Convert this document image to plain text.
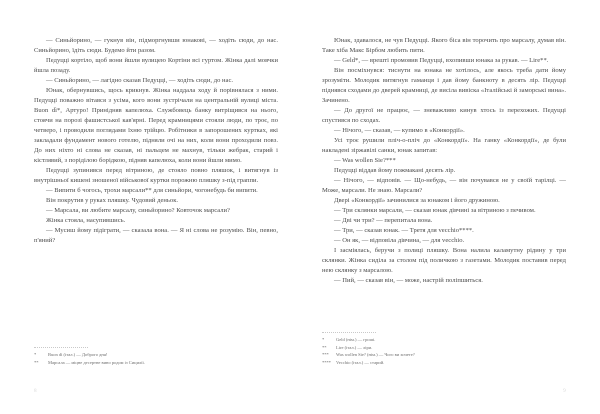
— Синьйорино, — гукнув він, підморгнувши юнакові, — ходіть сюди, до нас. Синьйорино, їдіть сюди. Будемо йти разом.

Педуцці кортіло, щоб вони йшли вулицею Кортіни всі гуртом. Жінка далі мовчки йшла позаду.

— Синьйорино, — лагідно сказав Педуцці, — ходіть сюди, до нас.

Юнак, обернувшись, щось крикнув. Жінка наддала ходу й порівнялася з ними. Педуцці поважно вітався з усіма, кого вони зустрічали на центральній вулиці міста. Buon dì*, Артуро! Принідняв капелюха. Службовець банку витріщився на нього, стоячи на порозі фашистської кав'ярні. Перед крамницями стояли люди, по троє, по четверо, і проводили поглядами їхню трійцю. Робітники в запорошених куртках, які закладали фундамент нового готелю, підняли очі на них, коли вони проходили повз. До них ніхто ні слова не сказав, ні пальцем не махнув, тільки жебрак, старий і кістлявий, з поріділою борідкою, підняв капелюха, коли вони йшли мимо.

Педуцці зупинився перед вітриною, де стояло повно пляшок, і витягнув із внутрішньої кишені зношеної військової куртки порожню пляшку з-під граппи.

— Випити б чогось, трохи марсали** для синьйори, чогонебудь би випити.

Він покрутив у руках пляшку. Чудовий деньок.

— Марсала, ви любите марсалу, синьйорино? Ковточок марсали?

Жінка стояла, насупившись.

— Мусиш йому підіграти, — сказала вона. — Я ні слова не розумію. Він, певно, п'яний?

*	Buon dì (італ.) — Доброго дня!
**	Марсала — міцне десертне вино родом із Сицилії.
8

Юнак, здавалося, не чув Педуцці. Якого біса він торочить про марсалу, думав він. Таке хіба Макс Бірбом любить пити.

— Geld*, — врешті промовив Педуцці, вхопивши юнака за рукав. — Lire**.

Він посміхнувся: тиснути на юнака не хотілось, але якось треба дати йому зрозуміти. Молодик витягнув гаманця і дав йому банкноту в десять лір. Педуцці піднявся сходами до дверей крамниці, де висіла вивіска «Італійські й заморські вина». Зачинено.

— До другої не працює, — зневажливо кинув хтось із перехожих. Педуцці спустився по сходах.

— Нічого, — сказав, — купимо в «Конкордії».

Усі троє рушили пліч-о-пліч до «Конкордії». На ганку «Конкордії», де були накладені зіржавілі санки, юнак запитав:

— Was wollen Sie?***

Педуцці віддав йому пожмакані десять лір.

— Нічого, — відповів. — Що-небудь, — він почувався не у своїй тарілці. — Може, марсали. Не знаю. Марсали?

Двері «Конкордії» зачинилися за юнаком і його дружиною.

— Три склянки марсали, — сказав юнак дівчині за вітриною з печивом.

— Дві чи три? — перепитала вона.

— Три, — сказав юнак. — Третя для vecchio****.

— Он як, — відповіла дівчина, — для vecchio.

І засміялась, беручи з полиці пляшку. Вона налила каламутну рідину у три склянки. Жінка сиділа за столом під поличкою з газетами. Молодик поставив перед нею склянку з марсалою.

— Пий, — сказав він, — може, настрій поліпшиться.

*	Geld (нім.) — гроші.
**	Lire (італ.) — ліри.
***	Was wollen Sie? (нім.) — Чого ви хочете?
****	Vecchio (італ.) — старий.
9
